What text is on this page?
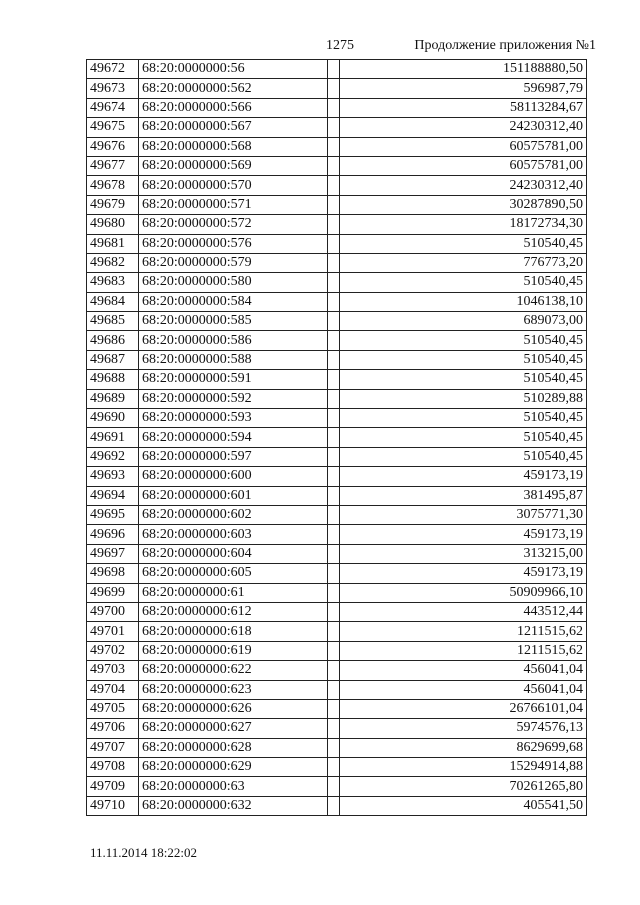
1275	Продолжение приложения №1
49672	68:20:0000000:56		151188880,50
49673	68:20:0000000:562		596987,79
49674	68:20:0000000:566		58113284,67
49675	68:20:0000000:567		24230312,40
49676	68:20:0000000:568		60575781,00
49677	68:20:0000000:569		60575781,00
49678	68:20:0000000:570		24230312,40
49679	68:20:0000000:571		30287890,50
49680	68:20:0000000:572		18172734,30
49681	68:20:0000000:576		510540,45
49682	68:20:0000000:579		776773,20
49683	68:20:0000000:580		510540,45
49684	68:20:0000000:584		1046138,10
49685	68:20:0000000:585		689073,00
49686	68:20:0000000:586		510540,45
49687	68:20:0000000:588		510540,45
49688	68:20:0000000:591		510540,45
49689	68:20:0000000:592		510289,88
49690	68:20:0000000:593		510540,45
49691	68:20:0000000:594		510540,45
49692	68:20:0000000:597		510540,45
49693	68:20:0000000:600		459173,19
49694	68:20:0000000:601		381495,87
49695	68:20:0000000:602		3075771,30
49696	68:20:0000000:603		459173,19
49697	68:20:0000000:604		313215,00
49698	68:20:0000000:605		459173,19
49699	68:20:0000000:61		50909966,10
49700	68:20:0000000:612		443512,44
49701	68:20:0000000:618		1211515,62
49702	68:20:0000000:619		1211515,62
49703	68:20:0000000:622		456041,04
49704	68:20:0000000:623		456041,04
49705	68:20:0000000:626		26766101,04
49706	68:20:0000000:627		5974576,13
49707	68:20:0000000:628		8629699,68
49708	68:20:0000000:629		15294914,88
49709	68:20:0000000:63		70261265,80
49710	68:20:0000000:632		405541,50
11.11.2014 18:22:02
